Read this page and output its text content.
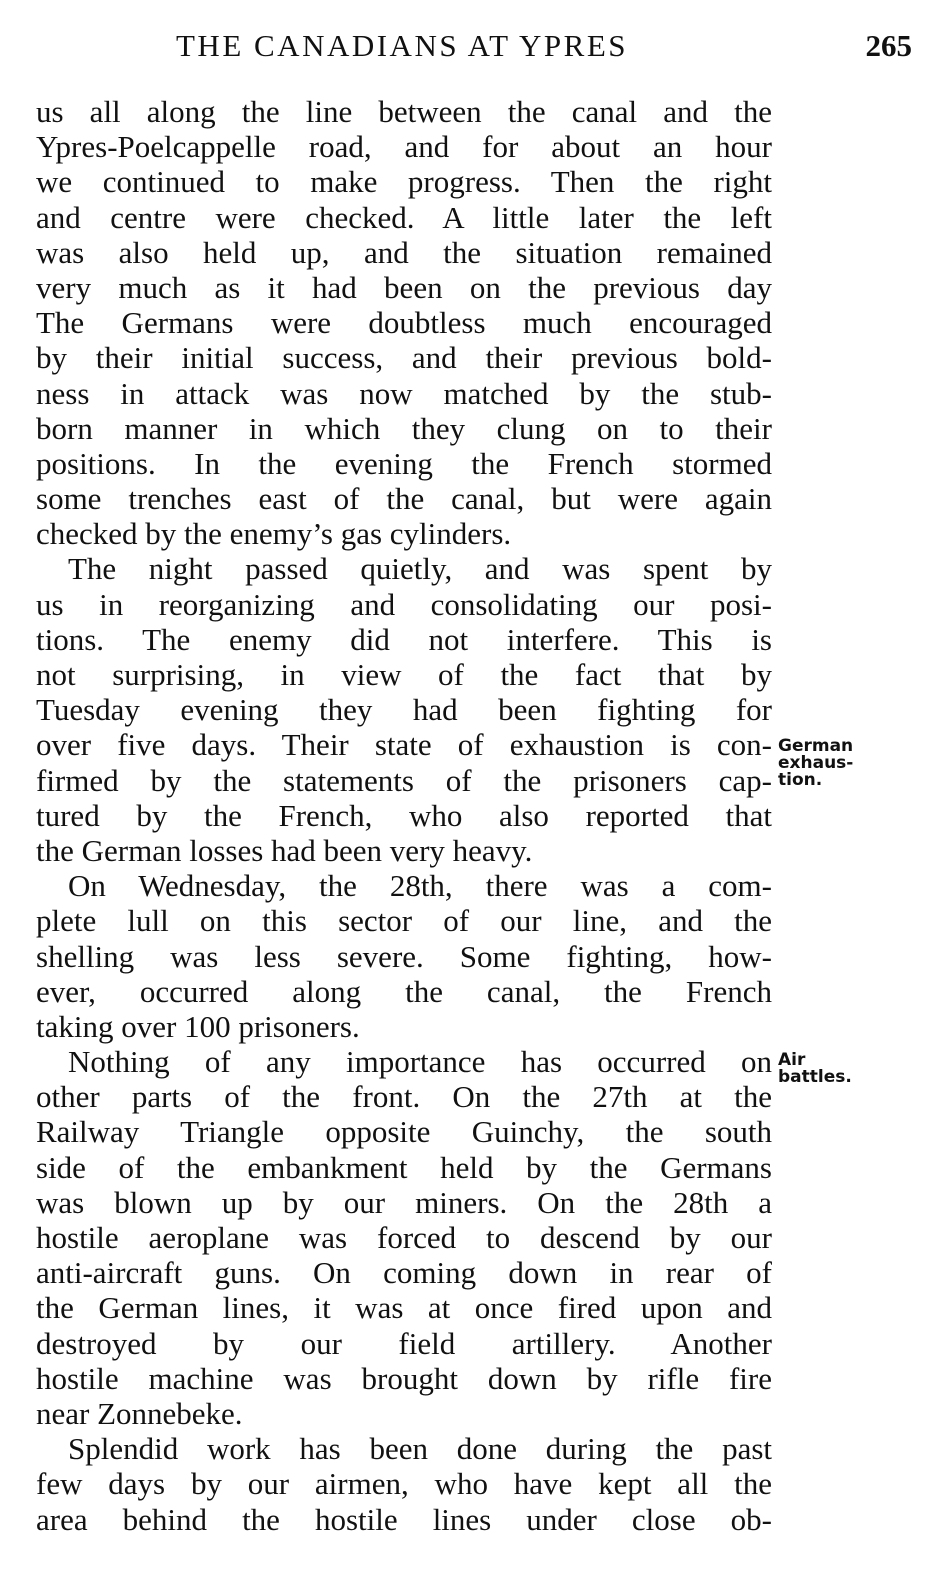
THE CANADIANS AT YPRES	265
us all along the line between the canal and the
Ypres-Poelcappelle road, and for about an hour
we continued to make progress. Then the right
and centre were checked. A little later the left
was also held up, and the situation remained
very much as it had been on the previous day
The Germans were doubtless much encouraged
by their initial success, and their previous bold-
ness in attack was now matched by the stub-
born manner in which they clung on to their
positions. In the evening the French stormed
some trenches east of the canal, but were again
checked by the enemy’s gas cylinders.
The night passed quietly, and was spent by
us in reorganizing and consolidating our posi-
tions. The enemy did not interfere. This is
not surprising, in view of the fact that by
Tuesday evening they had been fighting for
over five days. Their state of exhaustion is con-
firmed by the statements of the prisoners cap-
tured by the French, who also reported that
the German losses had been very heavy.
On Wednesday, the 28th, there was a com-
plete lull on this sector of our line, and the
shelling was less severe. Some fighting, how-
ever, occurred along the canal, the French
taking over 100 prisoners.
Nothing of any importance has occurred on
other parts of the front. On the 27th at the
Railway Triangle opposite Guinchy, the south
side of the embankment held by the Germans
was blown up by our miners. On the 28th a
hostile aeroplane was forced to descend by our
anti-aircraft guns. On coming down in rear of
the German lines, it was at once fired upon and
destroyed by our field artillery. Another
hostile machine was brought down by rifle fire
near Zonnebeke.
Splendid work has been done during the past
few days by our airmen, who have kept all the
area behind the hostile lines under close ob-
German
exhaus-
tion.
Air
battles.
